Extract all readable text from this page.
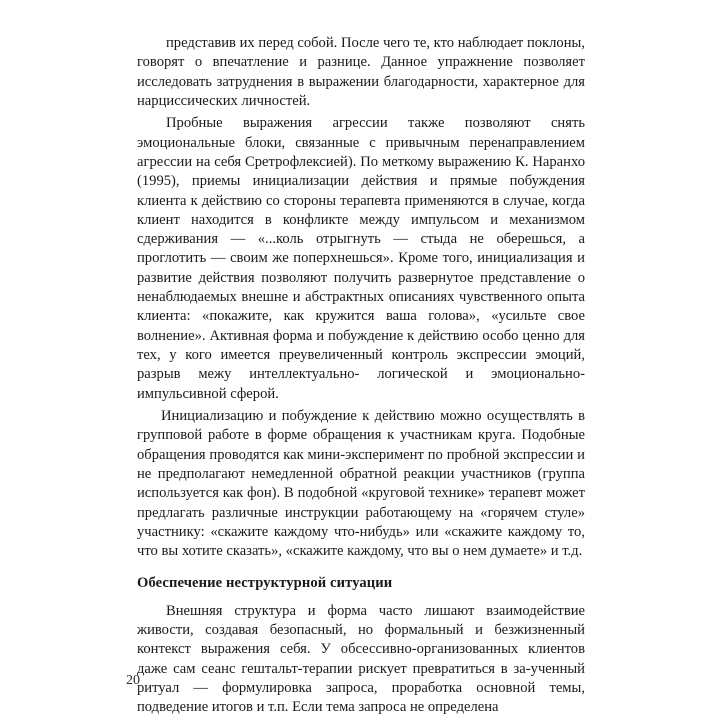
представив их перед собой. После чего те, кто наблюдает поклоны, говорят о впечатление и разнице. Данное упражнение позволяет исследовать затруднения в выражении благодарности, характерное для нарциссических личностей.

Пробные выражения агрессии также позволяют снять эмоциональные блоки, связанные с привычным перенаправлением агрессии на себя Сретрофлексией). По меткому выражению К. Наранхо (1995), приемы инициализации действия и прямые побуждения клиента к действию со стороны терапевта применяются в случае, когда клиент находится в конфликте между импульсом и механизмом сдерживания — «...коль отрыгнуть — стыда не оберешься, а проглотить — своим же поперхнешься». Кроме того, инициализация и развитие действия позволяют получить развернутое представление о ненаблюдаемых внешне и абстрактных описаниях чувственного опыта клиента: «покажите, как кружится ваша голова», «усильте свое волнение». Активная форма и побуждение к действию особо ценно для тех, у кого имеется преувеличенный контроль экспрессии эмоций, разрыв межу интеллектуально- логической и эмоционально-импульсивной сферой.

Инициализацию и побуждение к действию можно осуществлять в групповой работе в форме обращения к участникам круга. Подобные обращения проводятся как мини-эксперимент по пробной экспрессии и не предполагают немедленной обратной реакции участников (группа используется как фон). В подобной «круговой технике» терапевт может предлагать различные инструкции работающему на «горячем стуле» участнику: «скажите каждому что-нибудь» или «скажите каждому то, что вы хотите сказать», «скажите каждому, что вы о нем думаете» и т.д.

Обеспечение неструктурной ситуации

Внешняя структура и форма часто лишают взаимодействие живости, создавая безопасный, но формальный и безжизненный контекст выражения себя. У обсессивно-организованных клиентов даже сам сеанс гештальт-терапии рискует превратиться в за-ученный ритуал — формулировка запроса, проработка основной темы, подведение итогов и т.п. Если тема запроса не определена

20
